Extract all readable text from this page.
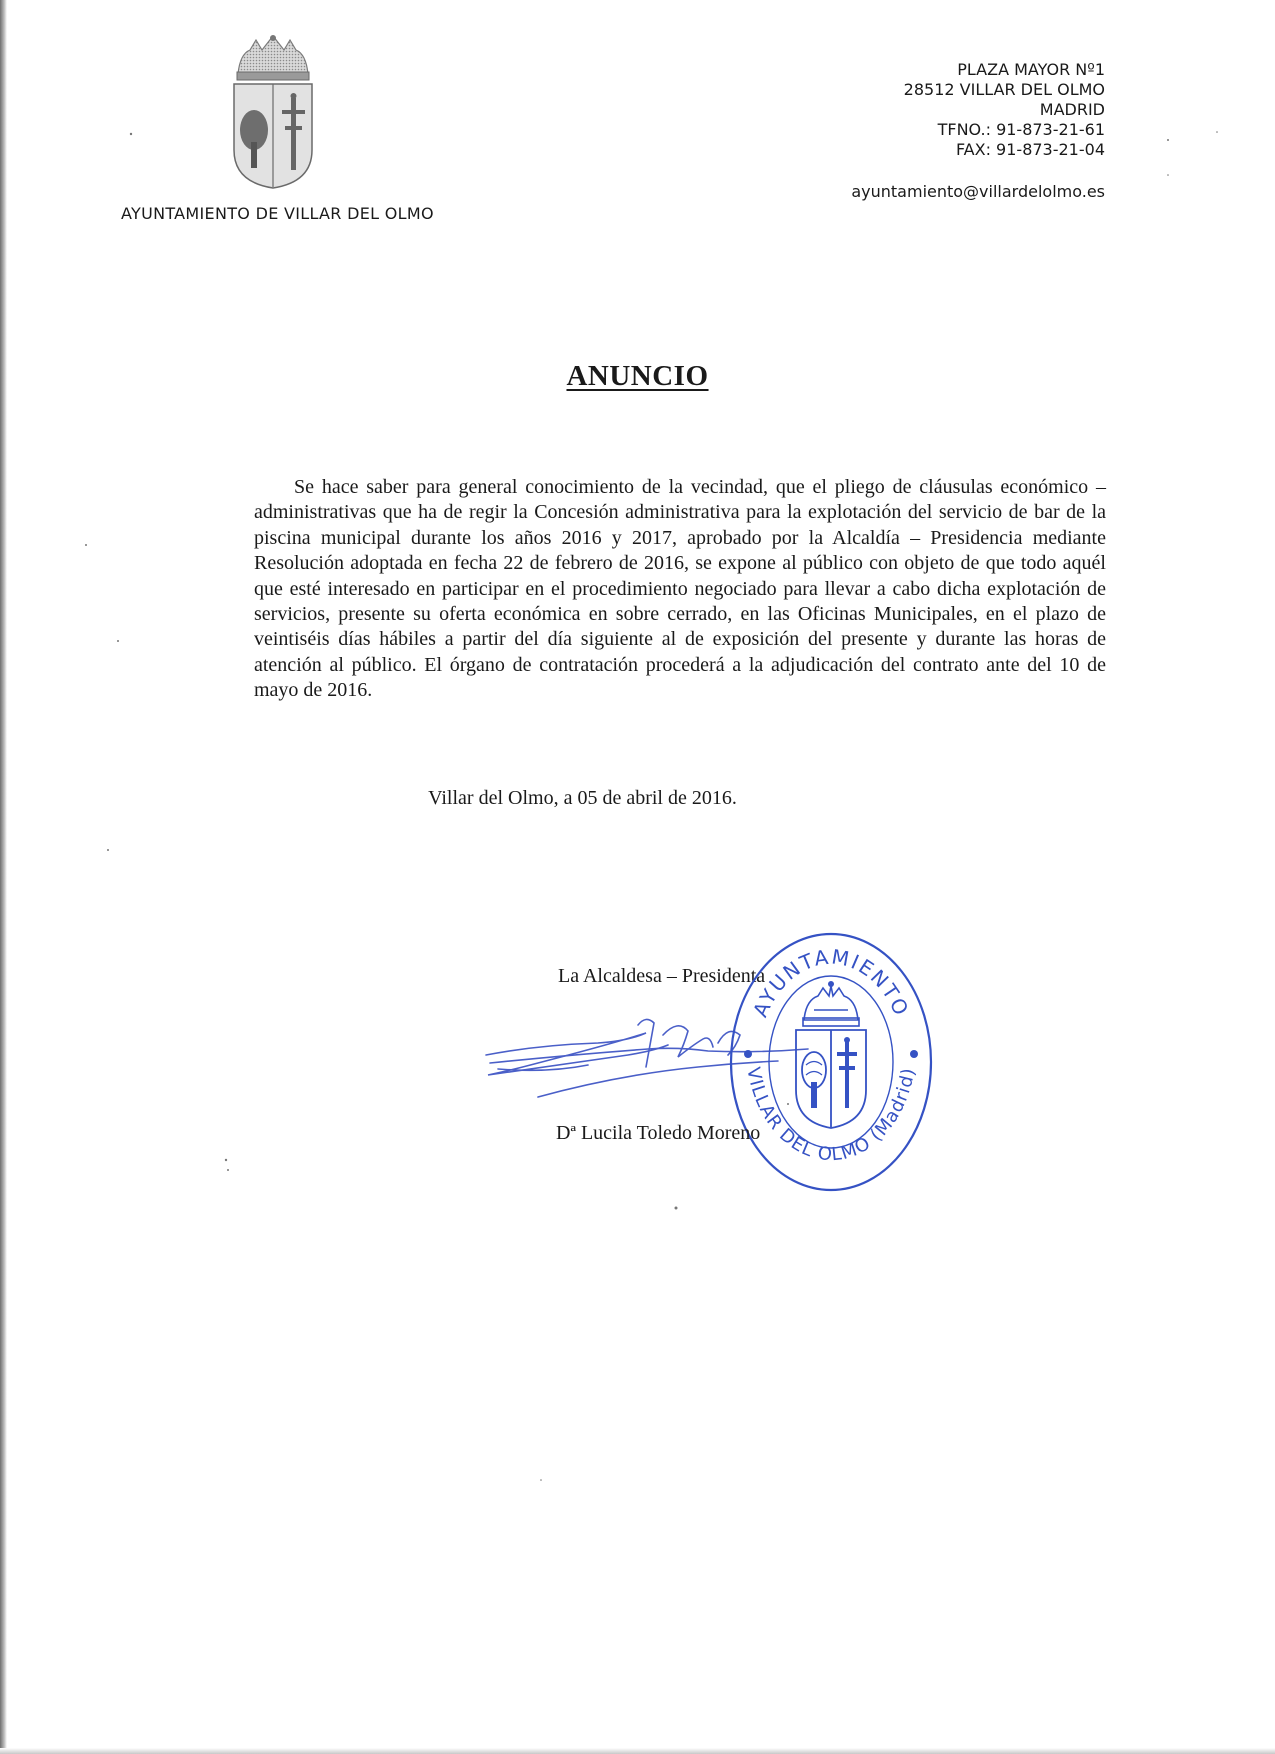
AYUNTAMIENTO DE VILLAR DEL OLMO
PLAZA MAYOR Nº1
28512 VILLAR DEL OLMO
MADRID
TFNO.: 91-873-21-61
FAX: 91-873-21-04
ayuntamiento@villardelolmo.es
ANUNCIO

Se hace saber para general conocimiento de la vecindad, que el pliego de cláusulas económico – administrativas que ha de regir la Concesión administrativa para la explotación del servicio de bar de la piscina municipal durante los años 2016 y 2017, aprobado por la Alcaldía – Presidencia mediante Resolución adoptada en fecha 22 de febrero de 2016, se expone al público con objeto de que todo aquél que esté interesado en participar en el procedimiento negociado para llevar a cabo dicha explotación de servicios, presente su oferta económica en sobre cerrado, en las Oficinas Municipales, en el plazo de veintiséis días hábiles a partir del día siguiente al de exposición del presente y durante las horas de atención al público. El órgano de contratación procederá a la adjudicación del contrato ante del 10 de mayo de 2016.

Villar del Olmo, a 05 de abril de 2016.
La Alcaldesa – Presidenta
AYUNTAMIENTO
VILLAR DEL OLMO (Madrid)
Dª Lucila Toledo Moreno
